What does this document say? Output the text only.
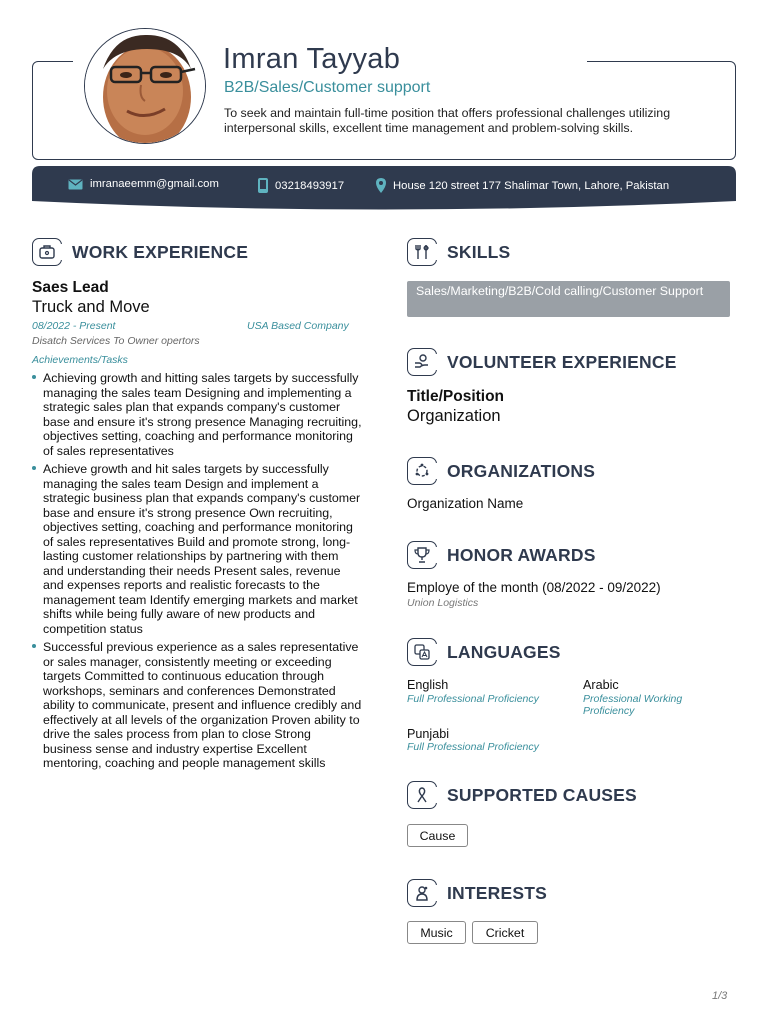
Imran Tayyab
B2B/Sales/Customer support
To seek and maintain full-time position that offers professional challenges utilizing interpersonal skills, excellent time management and problem-solving skills.
imranaeemm@gmail.com	03218493917	House 120 street 177 Shalimar Town, Lahore, Pakistan
WORK EXPERIENCE
Saes Lead
Truck and Move
08/2022 - Present	USA Based Company
Disatch Services To Owner opertors
Achievements/Tasks
Achieving growth and hitting sales targets by successfully managing the sales team Designing and implementing a strategic sales plan that expands company's customer base and ensure it's strong presence Managing recruiting, objectives setting, coaching and performance monitoring of sales representatives
Achieve growth and hit sales targets by successfully managing the sales team Design and implement a strategic business plan that expands company's customer base and ensure it's strong presence Own recruiting, objectives setting, coaching and performance monitoring of sales representatives Build and promote strong, long-lasting customer relationships by partnering with them and understanding their needs Present sales, revenue and expenses reports and realistic forecasts to the management team Identify emerging markets and market shifts while being fully aware of new products and competition status
Successful previous experience as a sales representative or sales manager, consistently meeting or exceeding targets Committed to continuous education through workshops, seminars and conferences Demonstrated ability to communicate, present and influence credibly and effectively at all levels of the organization Proven ability to drive the sales process from plan to close Strong business sense and industry expertise Excellent mentoring, coaching and people management skills
SKILLS
Sales/Marketing/B2B/Cold calling/Customer Support
VOLUNTEER EXPERIENCE
Title/Position
Organization
ORGANIZATIONS
Organization Name
HONOR AWARDS
Employe of the month (08/2022 - 09/2022)
Union Logistics
LANGUAGES
English
Full Professional Proficiency
Arabic
Professional Working Proficiency
Punjabi
Full Professional Proficiency
SUPPORTED CAUSES
Cause
INTERESTS
Music	Cricket
1/3
